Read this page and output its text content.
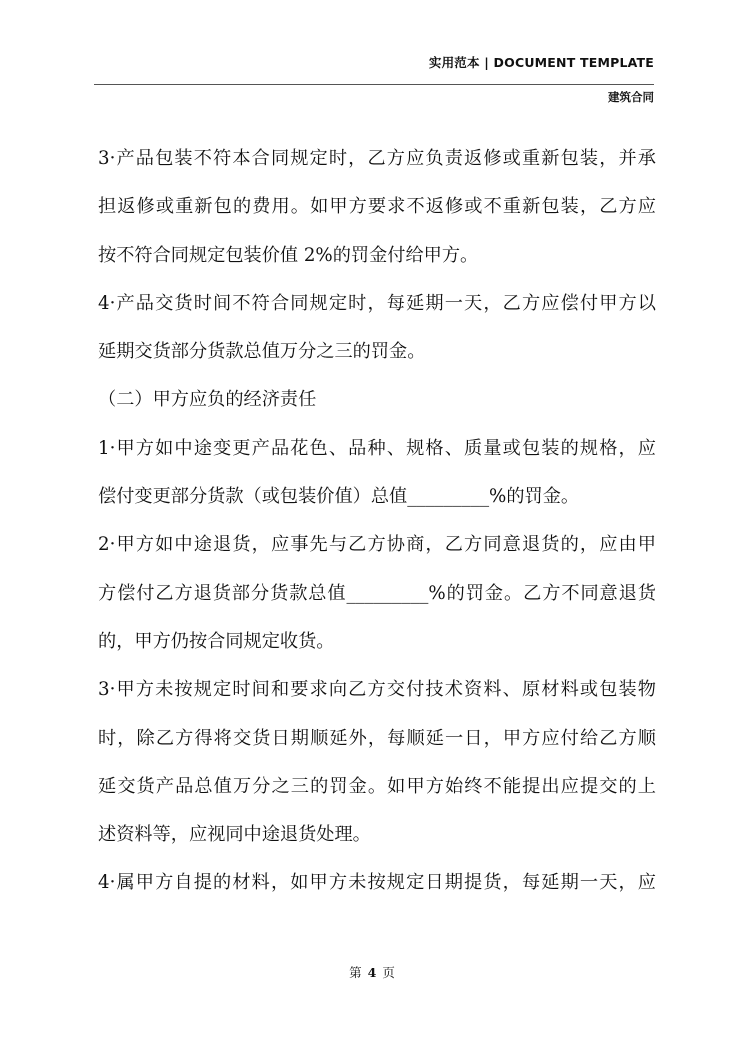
实用范本 | DOCUMENT TEMPLATE
建筑合同
3·产品包装不符本合同规定时，乙方应负责返修或重新包装，并承
担返修或重新包的费用。如甲方要求不返修或不重新包装，乙方应
按不符合同规定包装价值 2%的罚金付给甲方。
4·产品交货时间不符合同规定时，每延期一天，乙方应偿付甲方以
延期交货部分货款总值万分之三的罚金。
（二）甲方应负的经济责任
1·甲方如中途变更产品花色、品种、规格、质量或包装的规格，应
偿付变更部分货款（或包装价值）总值_________%的罚金。
2·甲方如中途退货，应事先与乙方协商，乙方同意退货的，应由甲
方偿付乙方退货部分货款总值_________%的罚金。乙方不同意退货
的，甲方仍按合同规定收货。
3·甲方未按规定时间和要求向乙方交付技术资料、原材料或包装物
时，除乙方得将交货日期顺延外，每顺延一日，甲方应付给乙方顺
延交货产品总值万分之三的罚金。如甲方始终不能提出应提交的上
述资料等，应视同中途退货处理。
4·属甲方自提的材料，如甲方未按规定日期提货，每延期一天，应
第 4 页
